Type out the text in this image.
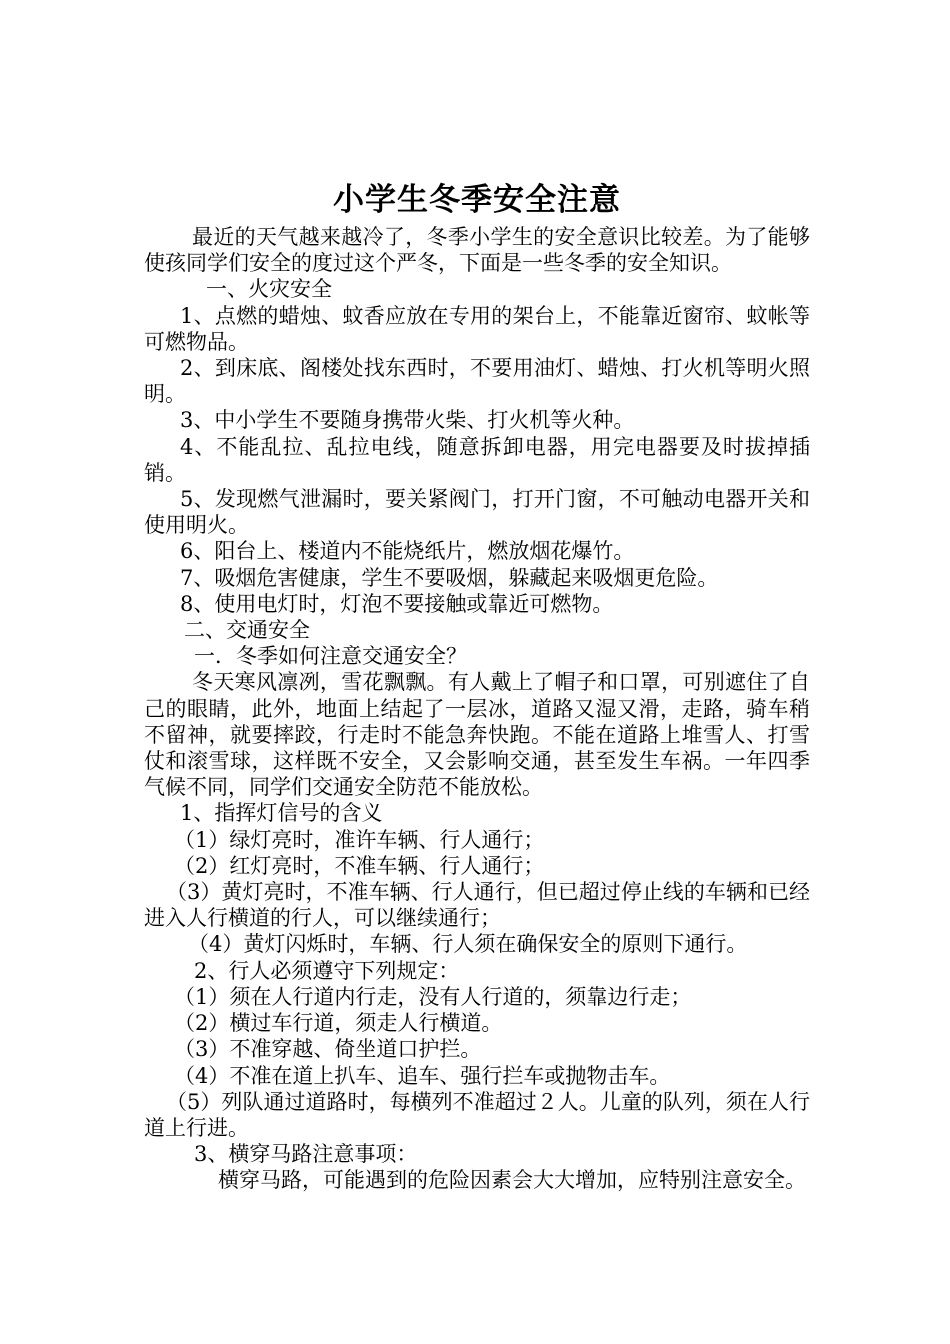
小学生冬季安全注意

最近的天气越来越冷了，冬季小学生的安全意识比较差。为了能够使孩同学们安全的度过这个严冬，下面是一些冬季的安全知识。

一、火灾安全

1、点燃的蜡烛、蚊香应放在专用的架台上，不能靠近窗帘、蚊帐等可燃物品。

2、到床底、阁楼处找东西时，不要用油灯、蜡烛、打火机等明火照明。

3、中小学生不要随身携带火柴、打火机等火种。

4、不能乱拉、乱拉电线，随意拆卸电器，用完电器要及时拔掉插销。

5、发现燃气泄漏时，要关紧阀门，打开门窗，不可触动电器开关和使用明火。

6、阳台上、楼道内不能烧纸片，燃放烟花爆竹。

7、吸烟危害健康，学生不要吸烟，躲藏起来吸烟更危险。

8、使用电灯时，灯泡不要接触或靠近可燃物。

二、交通安全

一．冬季如何注意交通安全？

冬天寒风凛冽，雪花飘飘。有人戴上了帽子和口罩，可别遮住了自己的眼睛，此外，地面上结起了一层冰，道路又湿又滑，走路，骑车稍不留神，就要摔跤，行走时不能急奔快跑。不能在道路上堆雪人、打雪仗和滚雪球，这样既不安全，又会影响交通，甚至发生车祸。一年四季气候不同，同学们交通安全防范不能放松。

1、指挥灯信号的含义

（1）绿灯亮时，准许车辆、行人通行；

（2）红灯亮时，不准车辆、行人通行；

（3）黄灯亮时，不准车辆、行人通行，但已超过停止线的车辆和已经进入人行横道的行人，可以继续通行；

（4）黄灯闪烁时，车辆、行人须在确保安全的原则下通行。

2、行人必须遵守下列规定：

（1）须在人行道内行走，没有人行道的，须靠边行走；

（2）横过车行道，须走人行横道。

（3）不准穿越、倚坐道口护拦。

（4）不准在道上扒车、追车、强行拦车或抛物击车。

（5）列队通过道路时，每横列不准超过２人。儿童的队列，须在人行道上行进。

3、横穿马路注意事项：

横穿马路，可能遇到的危险因素会大大增加，应特别注意安全。
